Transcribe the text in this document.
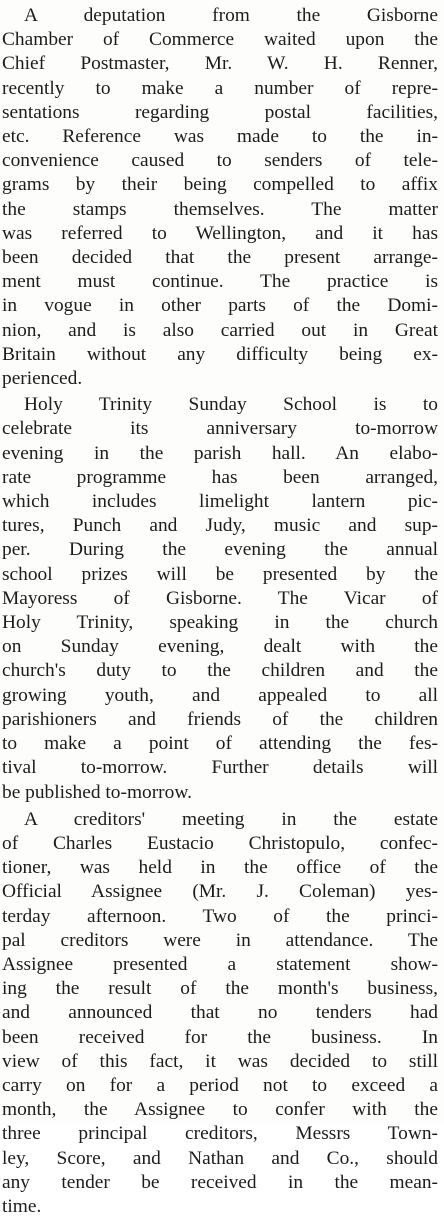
A deputation from the Gisborne
Chamber of Commerce waited upon the
Chief Postmaster, Mr. W. H. Renner,
recently to make a number of repre-
sentations regarding postal facilities,
etc. Reference was made to the in-
convenience caused to senders of tele-
grams by their being compelled to affix
the stamps themselves. The matter
was referred to Wellington, and it has
been decided that the present arrange-
ment must continue. The practice is
in vogue in other parts of the Domi-
nion, and is also carried out in Great
Britain without any difficulty being ex-
perienced.
Holy Trinity Sunday School is to
celebrate its anniversary to-morrow
evening in the parish hall. An elabo-
rate programme has been arranged,
which includes limelight lantern pic-
tures, Punch and Judy, music and sup-
per. During the evening the annual
school prizes will be presented by the
Mayoress of Gisborne. The Vicar of
Holy Trinity, speaking in the church
on Sunday evening, dealt with the
church's duty to the children and the
growing youth, and appealed to all
parishioners and friends of the children
to make a point of attending the fes-
tival to-morrow. Further details will
be published to-morrow.
A creditors' meeting in the estate
of Charles Eustacio Christopulo, confec-
tioner, was held in the office of the
Official Assignee (Mr. J. Coleman) yes-
terday afternoon. Two of the princi-
pal creditors were in attendance. The
Assignee presented a statement show-
ing the result of the month's business,
and announced that no tenders had
been received for the business. In
view of this fact, it was decided to still
carry on for a period not to exceed a
month, the Assignee to confer with the
three principal creditors, Messrs Town-
ley, Score, and Nathan and Co., should
any tender be received in the mean-
time.
